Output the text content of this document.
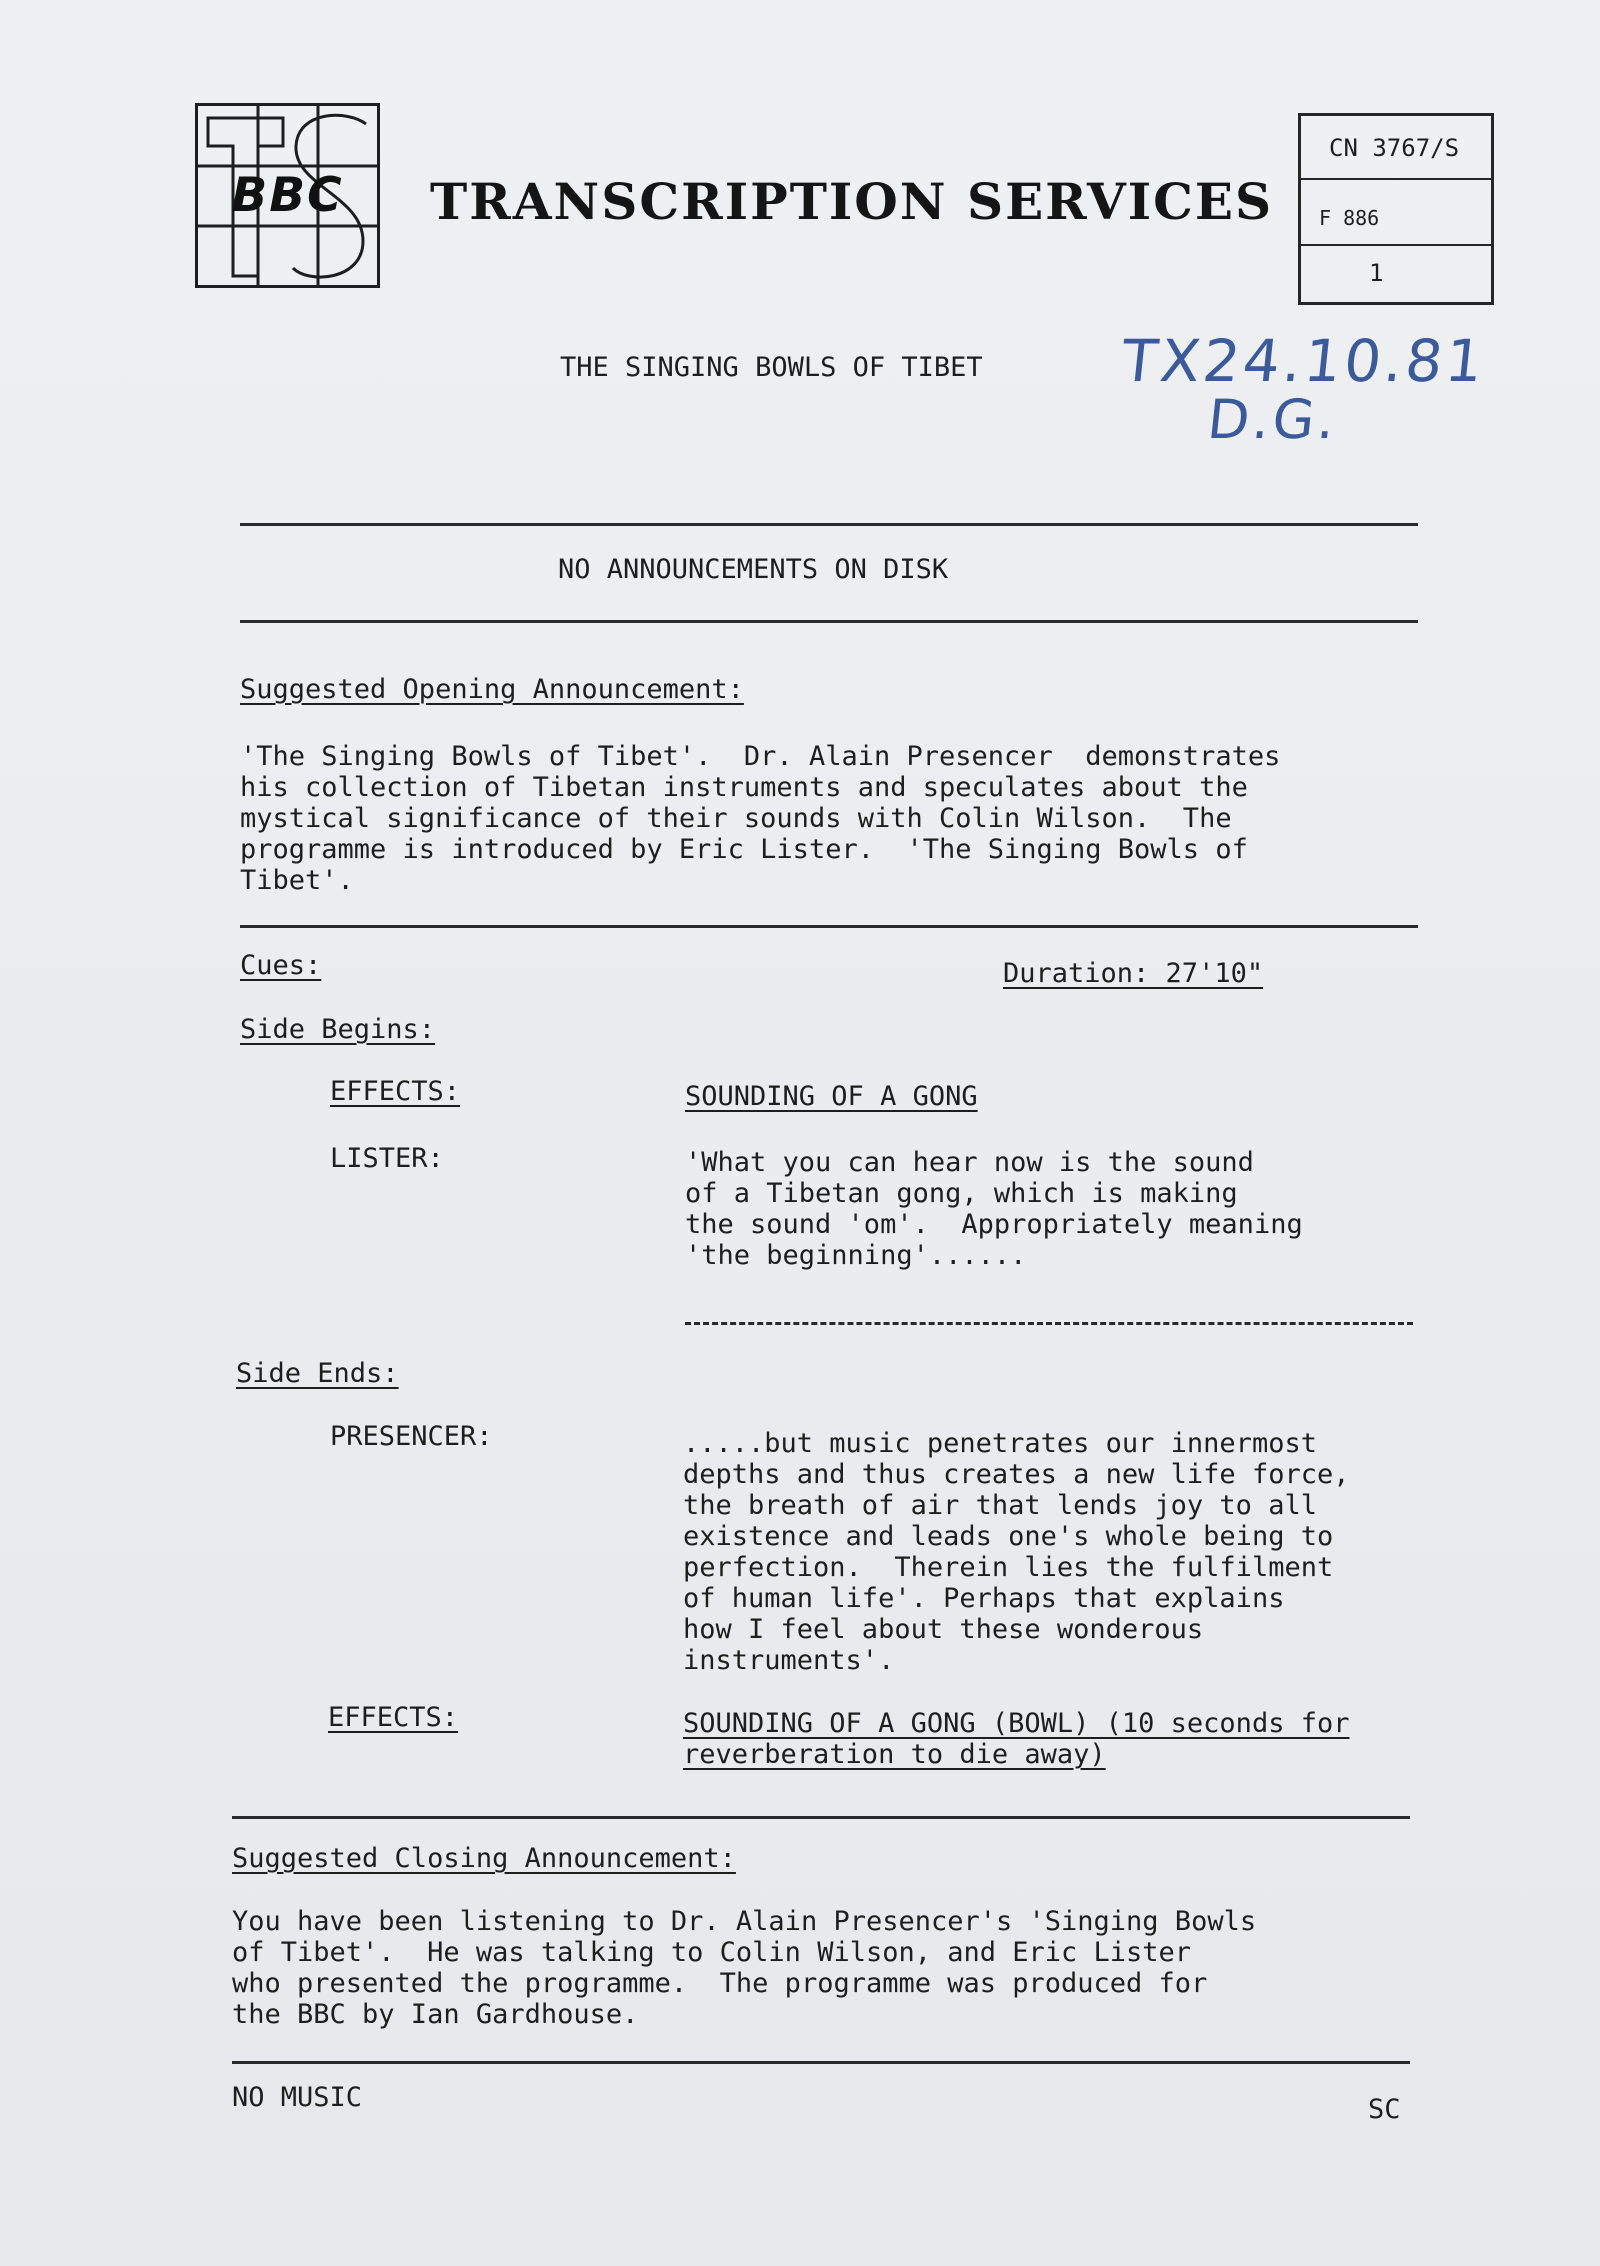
BBC	TRANSCRIPTION SERVICES
CN 3767/S
F 886
1
TX24.10.81
D.G.
THE SINGING BOWLS OF TIBET
NO ANNOUNCEMENTS ON DISK
Suggested Opening Announcement:
'The Singing Bowls of Tibet'.  Dr. Alain Presencer  demonstrates
his collection of Tibetan instruments and speculates about the
mystical significance of their sounds with Colin Wilson.  The
programme is introduced by Eric Lister.  'The Singing Bowls of
Tibet'.
Cues:	Duration: 27'10"
Side Begins:
EFFECTS:	SOUNDING OF A GONG
LISTER:	'What you can hear now is the sound
of a Tibetan gong, which is making
the sound 'om'.  Appropriately meaning
'the beginning'......
Side Ends:
PRESENCER:	.....but music penetrates our innermost
depths and thus creates a new life force,
the breath of air that lends joy to all
existence and leads one's whole being to
perfection.  Therein lies the fulfilment
of human life'. Perhaps that explains
how I feel about these wonderous
instruments'.
EFFECTS:	SOUNDING OF A GONG (BOWL) (10 seconds for
reverberation to die away)
Suggested Closing Announcement:
You have been listening to Dr. Alain Presencer's 'Singing Bowls
of Tibet'.  He was talking to Colin Wilson, and Eric Lister
who presented the programme.  The programme was produced for
the BBC by Ian Gardhouse.
NO MUSIC	SC
